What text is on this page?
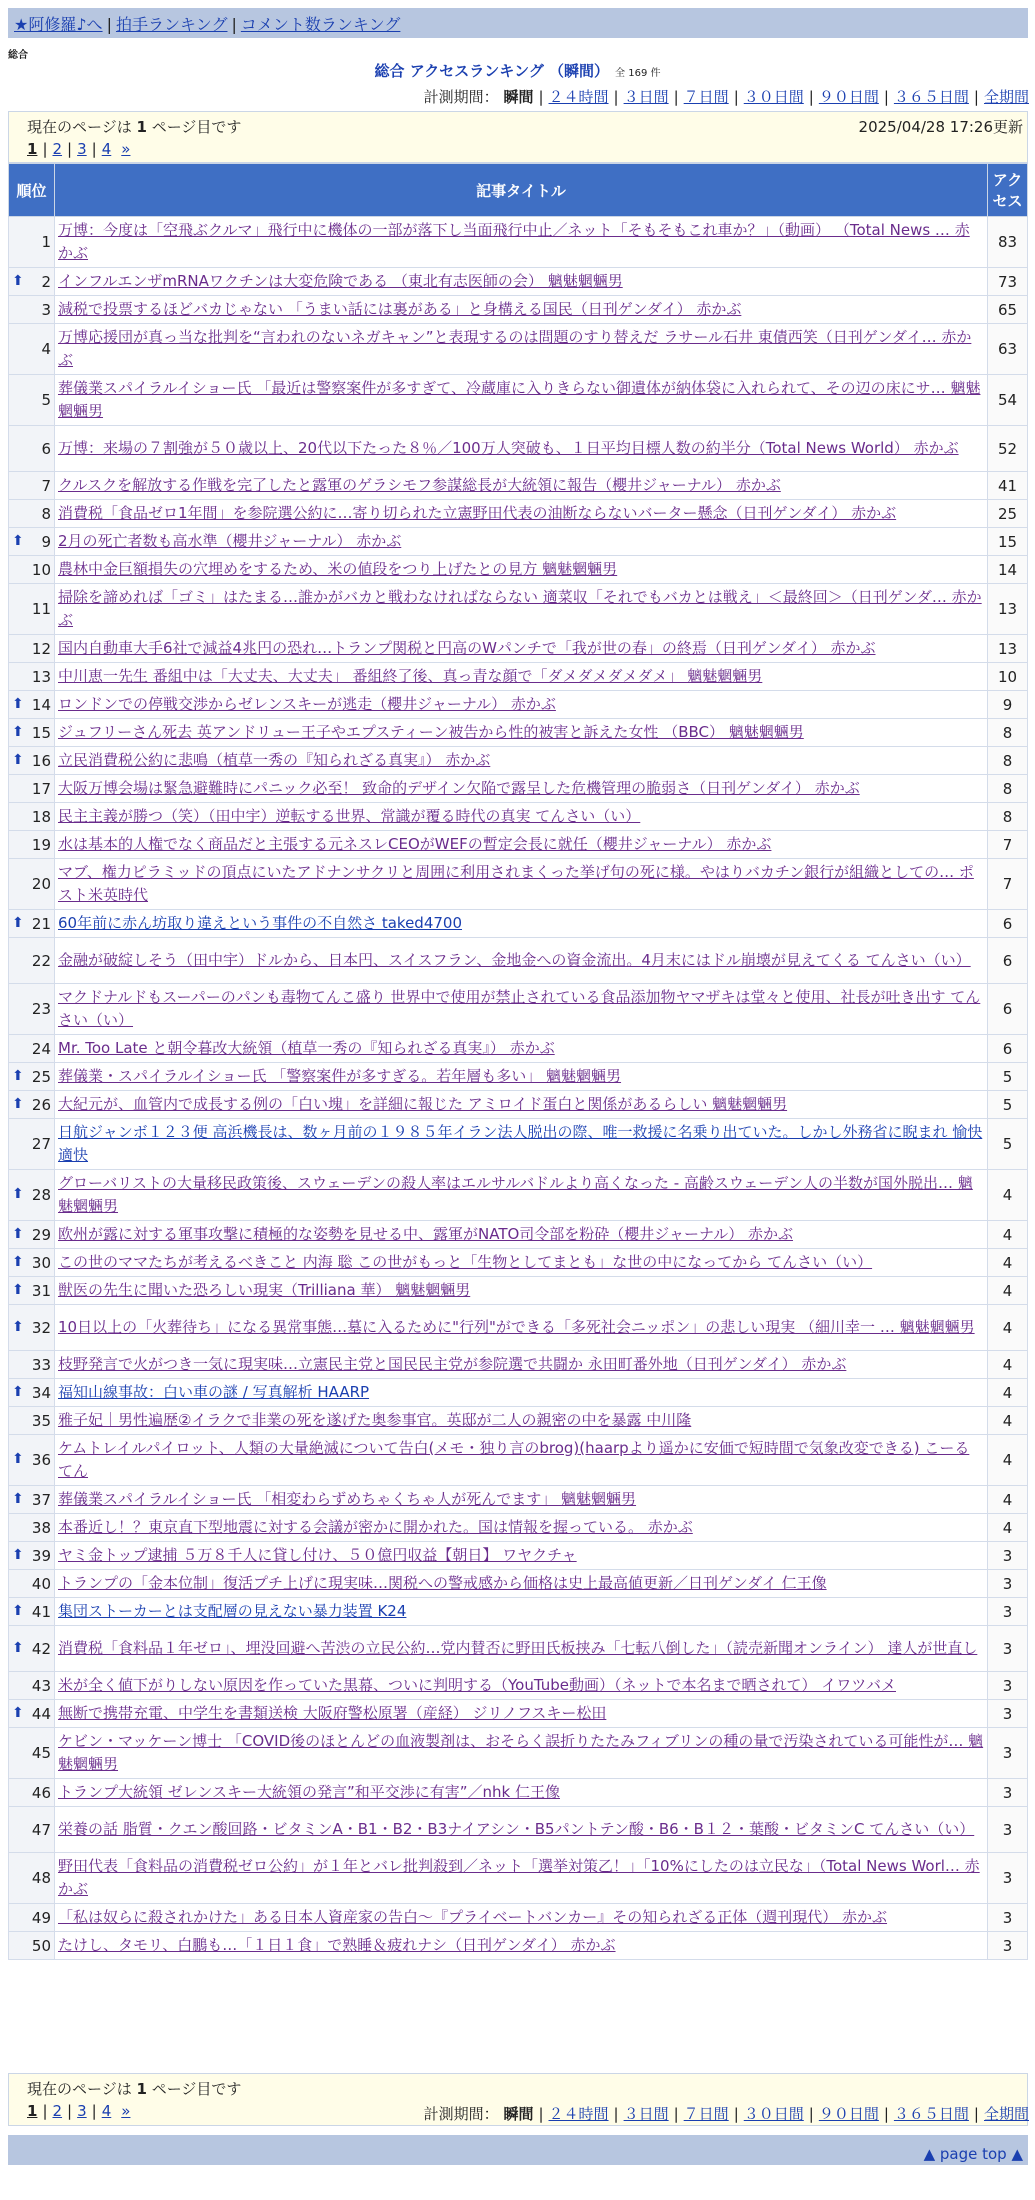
★阿修羅♪へ | 拍手ランキング | コメント数ランキング
総合
総合 アクセスランキング （瞬間） 全 169 件
計測期間： 瞬間 | ２４時間 | ３日間 | ７日間 | ３０日間 | ９０日間 | ３６５日間 | 全期間
現在のページは 1 ページ目です	2025/04/28 17:26更新
1 | 2 | 3 | 4 »
順位	記事タイトル	アクセス
1	万博：今度は「空飛ぶクルマ」飛行中に機体の一部が落下し当面飛行中止／ネット「そもそもこれ車か？」（動画） （Total News … 赤かぶ	83

⬆ 2	インフルエンザmRNAワクチンは大変危険である （東北有志医師の会） 魑魅魍魎男	73
3	減税で投票するほどバカじゃない 「うまい話には裏がある」と身構える国民（日刊ゲンダイ） 赤かぶ	65
4	万博応援団が真っ当な批判を“言われのないネガキャン”と表現するのは問題のすり替えだ ラサール石井 東債西笑（日刊ゲンダイ… 赤かぶ	63
5	葬儀業スパイラルイショー氏 「最近は警察案件が多すぎて、冷蔵庫に入りきらない御遺体が納体袋に入れられて、その辺の床にサ… 魑魅魍魎男	54
6	万博：来場の７割強が５０歳以上、20代以下たった８％／100万人突破も、１日平均目標人数の約半分（Total News World） 赤かぶ	52
7	クルスクを解放する作戦を完了したと露軍のゲラシモフ参謀総長が大統領に報告（櫻井ジャーナル） 赤かぶ	41
8	消費税「食品ゼロ1年間」を参院選公約に…寄り切られた立憲野田代表の油断ならないバーター懸念（日刊ゲンダイ） 赤かぶ	25

⬆ 9	2月の死亡者数も高水準（櫻井ジャーナル） 赤かぶ	15
10	農林中金巨額損失の穴埋めをするため、米の値段をつり上げたとの見方 魑魅魍魎男	14
11	掃除を諦めれば「ゴミ」はたまる…誰かがバカと戦わなければならない 適菜収「それでもバカとは戦え」＜最終回＞（日刊ゲンダ… 赤かぶ	13
12	国内自動車大手6社で減益4兆円の恐れ…トランプ関税と円高のWパンチで「我が世の春」の終焉（日刊ゲンダイ） 赤かぶ	13
13	中川恵一先生 番組中は「大丈夫、大丈夫」 番組終了後、真っ青な顔で「ダメダメダメダメ」 魑魅魍魎男	10

⬆ 14	ロンドンでの停戦交渉からゼレンスキーが逃走（櫻井ジャーナル） 赤かぶ	9

⬆ 15	ジュフリーさん死去 英アンドリュー王子やエプスティーン被告から性的被害と訴えた女性 （BBC） 魑魅魍魎男	8

⬆ 16	立民消費税公約に悲鳴（植草一秀の『知られざる真実』） 赤かぶ	8
17	大阪万博会場は緊急避難時にパニック必至！ 致命的デザイン欠陥で露呈した危機管理の脆弱さ（日刊ゲンダイ） 赤かぶ	8
18	民主主義が勝つ（笑）（田中宇）逆転する世界、常識が覆る時代の真実 てんさい（い）	8
19	水は基本的人権でなく商品だと主張する元ネスレCEOがWEFの暫定会長に就任（櫻井ジャーナル） 赤かぶ	7
20	マブ、権力ピラミッドの頂点にいたアドナンサクリと周囲に利用されまくった挙げ句の死に様。やはりバカチン銀行が組織としての… ポスト米英時代	7

⬆ 21	60年前に赤ん坊取り違えという事件の不自然さ taked4700	6
22	金融が破綻しそう（田中宇）ドルから、日本円、スイスフラン、金地金への資金流出。4月末にはドル崩壊が見えてくる てんさい（い）	6
23	マクドナルドもスーパーのパンも毒物てんこ盛り 世界中で使用が禁止されている食品添加物ヤマザキは堂々と使用、社長が吐き出す てんさい（い）	6
24	Mr. Too Late と朝令暮改大統領（植草一秀の『知られざる真実』） 赤かぶ	6

⬆ 25	葬儀業・スパイラルイショー氏 「警察案件が多すぎる。若年層も多い」 魑魅魍魎男	5

⬆ 26	大紀元が、血管内で成長する例の「白い塊」を詳細に報じた アミロイド蛋白と関係があるらしい 魑魅魍魎男	5
27	日航ジャンボ１２３便 高浜機長は、数ヶ月前の１９８５年イラン法人脱出の際、唯一救援に名乗り出ていた。しかし外務省に睨まれ 愉快適快	5

⬆ 28	グローバリストの大量移民政策後、スウェーデンの殺人率はエルサルバドルより高くなった - 高齢スウェーデン人の半数が国外脱出… 魑魅魍魎男	4

⬆ 29	欧州が露に対する軍事攻撃に積極的な姿勢を見せる中、露軍がNATO司令部を粉砕（櫻井ジャーナル） 赤かぶ	4

⬆ 30	この世のママたちが考えるべきこと 内海 聡 この世がもっと「生物としてまとも」な世の中になってから てんさい（い）	4

⬆ 31	獣医の先生に聞いた恐ろしい現実（Trilliana 華） 魑魅魍魎男	4

⬆ 32	10日以上の「火葬待ち」になる異常事態…墓に入るために"行列"ができる「多死社会ニッポン」の悲しい現実 （細川幸一 … 魑魅魍魎男	4
33	枝野発言で火がつき一気に現実味…立憲民主党と国民民主党が参院選で共闘か 永田町番外地（日刊ゲンダイ） 赤かぶ	4

⬆ 34	福知山線事故：白い車の謎 / 写真解析 HAARP	4
35	雅子妃｜男性遍歴②イラクで非業の死を遂げた奥参事官。英邸が二人の親密の中を暴露 中川隆	4

⬆ 36	ケムトレイルパイロット、人類の大量絶滅について告白(メモ・独り言のbrog)(haarpより遥かに安価で短時間で気象改変できる) こーるてん	4

⬆ 37	葬儀業スパイラルイショー氏 「相変わらずめちゃくちゃ人が死んでます」 魑魅魍魎男	4
38	本番近し！？東京直下型地震に対する会議が密かに開かれた。国は情報を握っている。 赤かぶ	4

⬆ 39	ヤミ金トップ逮捕 ５万８千人に貸し付け、５０億円収益【朝日】 ワヤクチャ	3
40	トランプの「金本位制」復活プチ上げに現実味…関税への警戒感から価格は史上最高値更新／日刊ゲンダイ 仁王像	3

⬆ 41	集団ストーカーとは支配層の見えない暴力装置 K24	3

⬆ 42	消費税「食料品１年ゼロ」、埋没回避へ苦渋の立民公約…党内賛否に野田氏板挟み「七転八倒した」（読売新聞オンライン） 達人が世直し	3
43	米が全く値下がりしない原因を作っていた黒幕、ついに判明する（YouTube動画）（ネットで本名まで晒されて） イワツバメ	3

⬆ 44	無断で携帯充電、中学生を書類送検 大阪府警松原署（産経） ジリノフスキー松田	3
45	ケビン・マッケーン博士 「COVID後のほとんどの血液製剤は、おそらく誤折りたたみフィブリンの種の量で汚染されている可能性が… 魑魅魍魎男	3
46	トランプ大統領 ゼレンスキー大統領の発言”和平交渉に有害”／nhk 仁王像	3
47	栄養の話 脂質・クエン酸回路・ビタミンA・B1・B2・B3ナイアシン・B5パントテン酸・B6・B１２・葉酸・ビタミンC てんさい（い）	3
48	野田代表「食料品の消費税ゼロ公約」が１年とバレ批判殺到／ネット「選挙対策乙！」「10%にしたのは立民な」（Total News Worl… 赤かぶ	3
49	「私は奴らに殺されかけた」ある日本人資産家の告白〜『プライベートバンカー』その知られざる正体（週刊現代） 赤かぶ	3
50	たけし、タモリ、白鵬も…「１日１食」で熟睡＆疲れナシ（日刊ゲンダイ） 赤かぶ	3
現在のページは 1 ページ目です
1 | 2 | 3 | 4 »	計測期間： 瞬間 | ２４時間 | ３日間 | ７日間 | ３０日間 | ９０日間 | ３６５日間 | 全期間
▲ page top ▲
